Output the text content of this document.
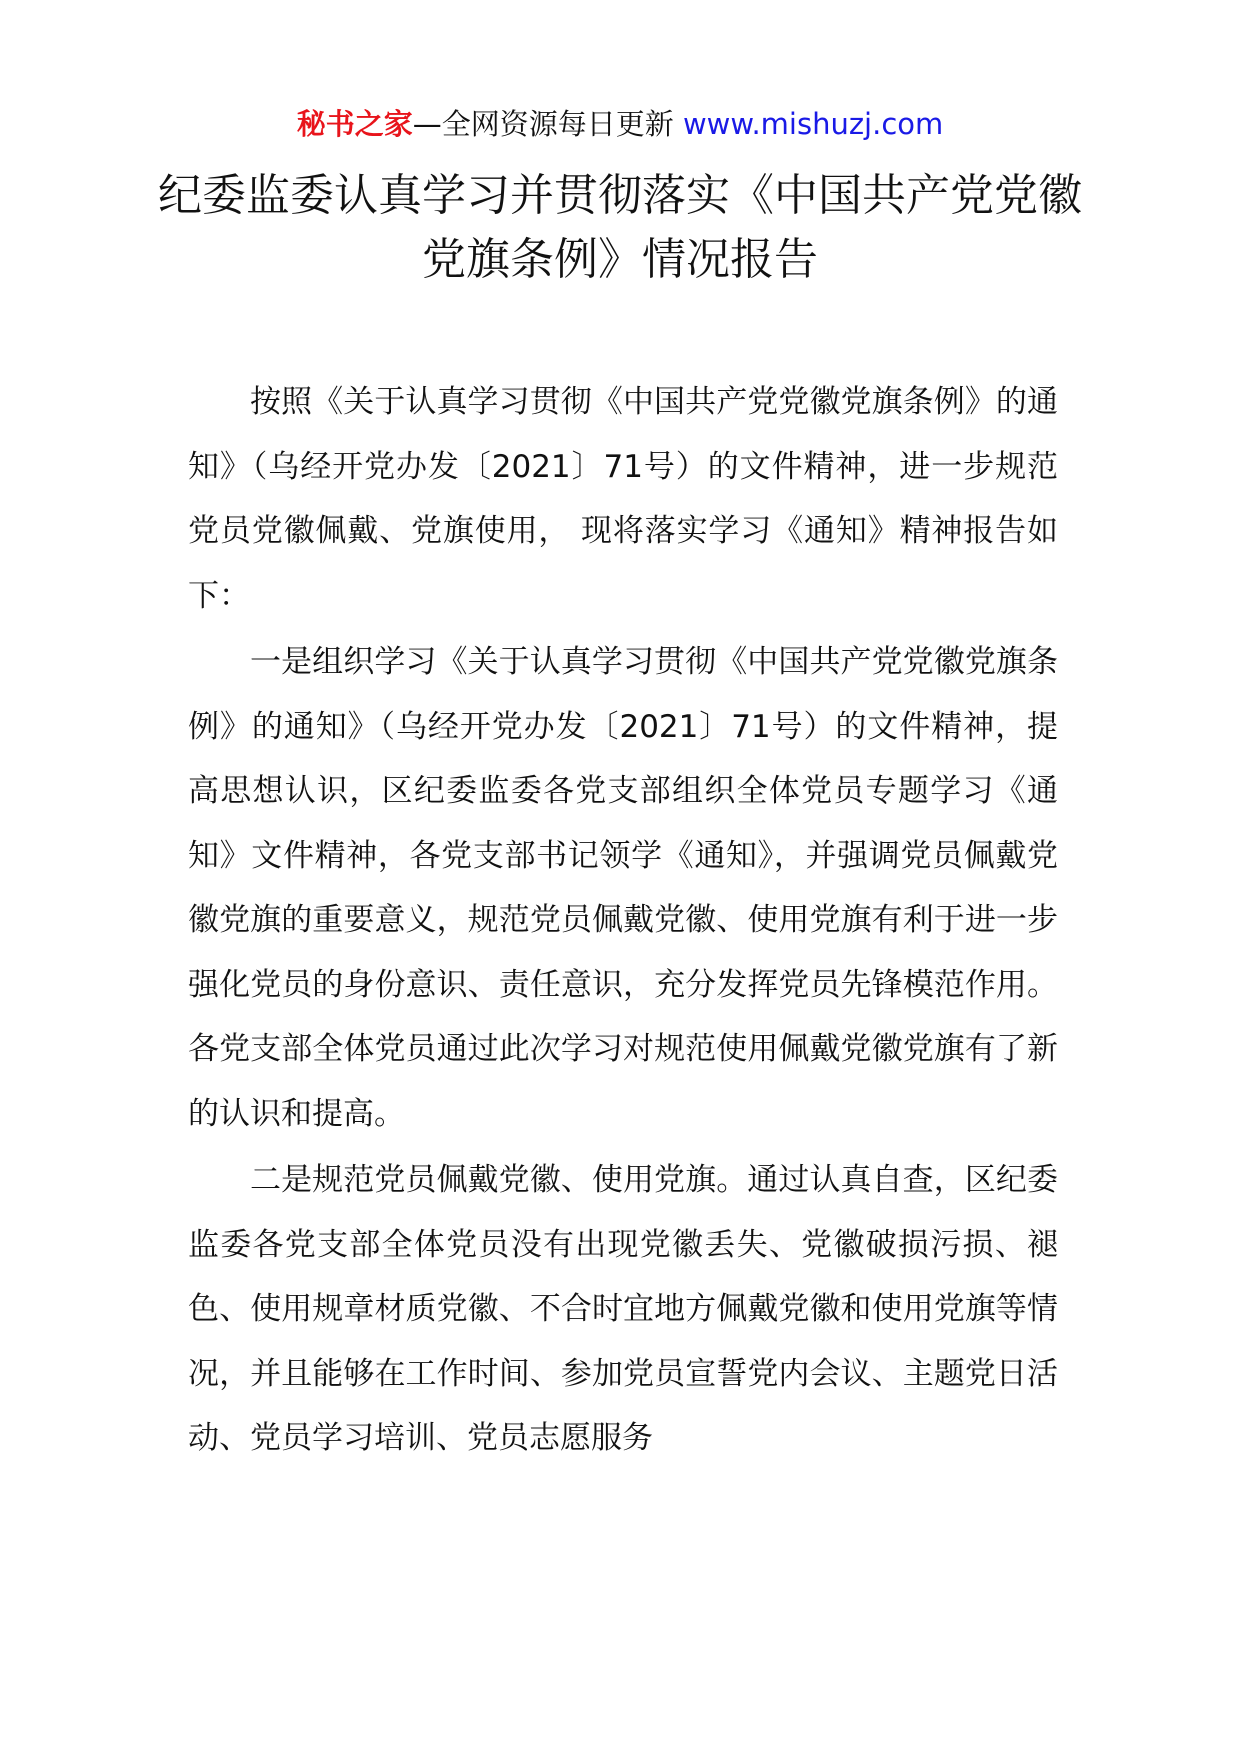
秘书之家—全网资源每日更新 www.mishuzj.com
纪委监委认真学习并贯彻落实《中国共产党党徽党旗条例》情况报告

按照《关于认真学习贯彻《中国共产党党徽党旗条例》的通知》（乌经开党办发〔2021〕71号）的文件精神，进一步规范党员党徽佩戴、党旗使用， 现将落实学习《通知》精神报告如下：

一是组织学习《关于认真学习贯彻《中国共产党党徽党旗条例》的通知》（乌经开党办发〔2021〕71号）的文件精神，提高思想认识，区纪委监委各党支部组织全体党员专题学习《通知》文件精神，各党支部书记领学《通知》，并强调党员佩戴党徽党旗的重要意义，规范党员佩戴党徽、使用党旗有利于进一步强化党员的身份意识、责任意识，充分发挥党员先锋模范作用。各党支部全体党员通过此次学习对规范使用佩戴党徽党旗有了新的认识和提高。

二是规范党员佩戴党徽、使用党旗。通过认真自查，区纪委监委各党支部全体党员没有出现党徽丢失、党徽破损污损、褪色、使用规章材质党徽、不合时宜地方佩戴党徽和使用党旗等情况，并且能够在工作时间、参加党员宣誓党内会议、主题党日活动、党员学习培训、党员志愿服务
